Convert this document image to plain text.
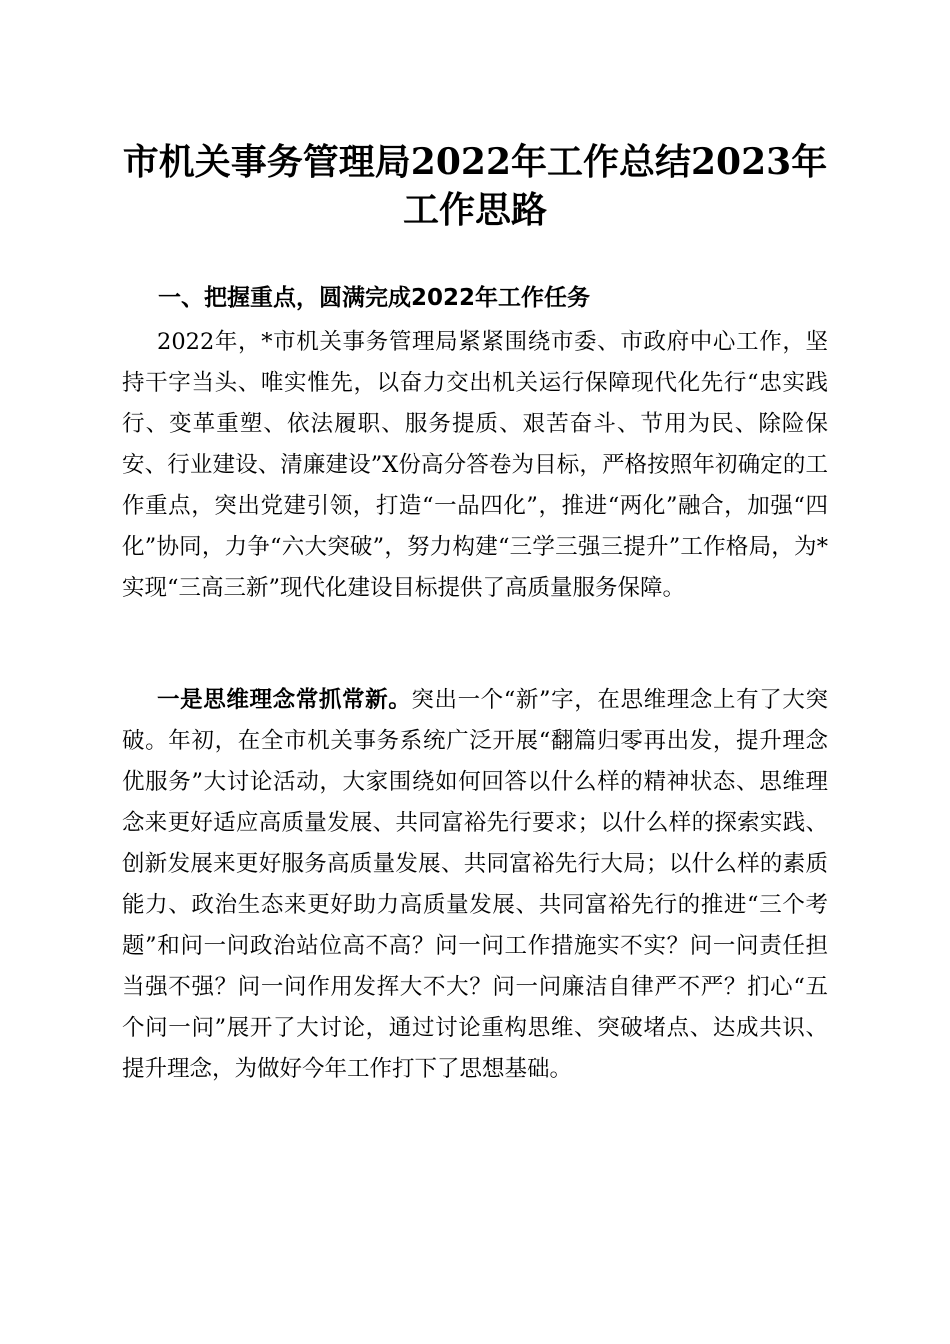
市机关事务管理局2022年工作总结2023年工作思路
一、把握重点，圆满完成2022年工作任务

2022年，*市机关事务管理局紧紧围绕市委、市政府中心工作，坚持干字当头、唯实惟先，以奋力交出机关运行保障现代化先行“忠实践行、变革重塑、依法履职、服务提质、艰苦奋斗、节用为民、除险保安、行业建设、清廉建设”X份高分答卷为目标，严格按照年初确定的工作重点，突出党建引领，打造“一品四化”，推进“两化”融合，加强“四化”协同，力争“六大突破”，努力构建“三学三强三提升”工作格局，为*实现“三高三新”现代化建设目标提供了高质量服务保障。

一是思维理念常抓常新。突出一个“新”字，在思维理念上有了大突破。年初，在全市机关事务系统广泛开展“翻篇归零再出发，提升理念优服务”大讨论活动，大家围绕如何回答以什么样的精神状态、思维理念来更好适应高质量发展、共同富裕先行要求；以什么样的探索实践、创新发展来更好服务高质量发展、共同富裕先行大局；以什么样的素质能力、政治生态来更好助力高质量发展、共同富裕先行的推进“三个考题”和问一问政治站位高不高？问一问工作措施实不实？问一问责任担当强不强？问一问作用发挥大不大？问一问廉洁自律严不严？扪心“五个问一问”展开了大讨论，通过讨论重构思维、突破堵点、达成共识、提升理念，为做好今年工作打下了思想基础。
